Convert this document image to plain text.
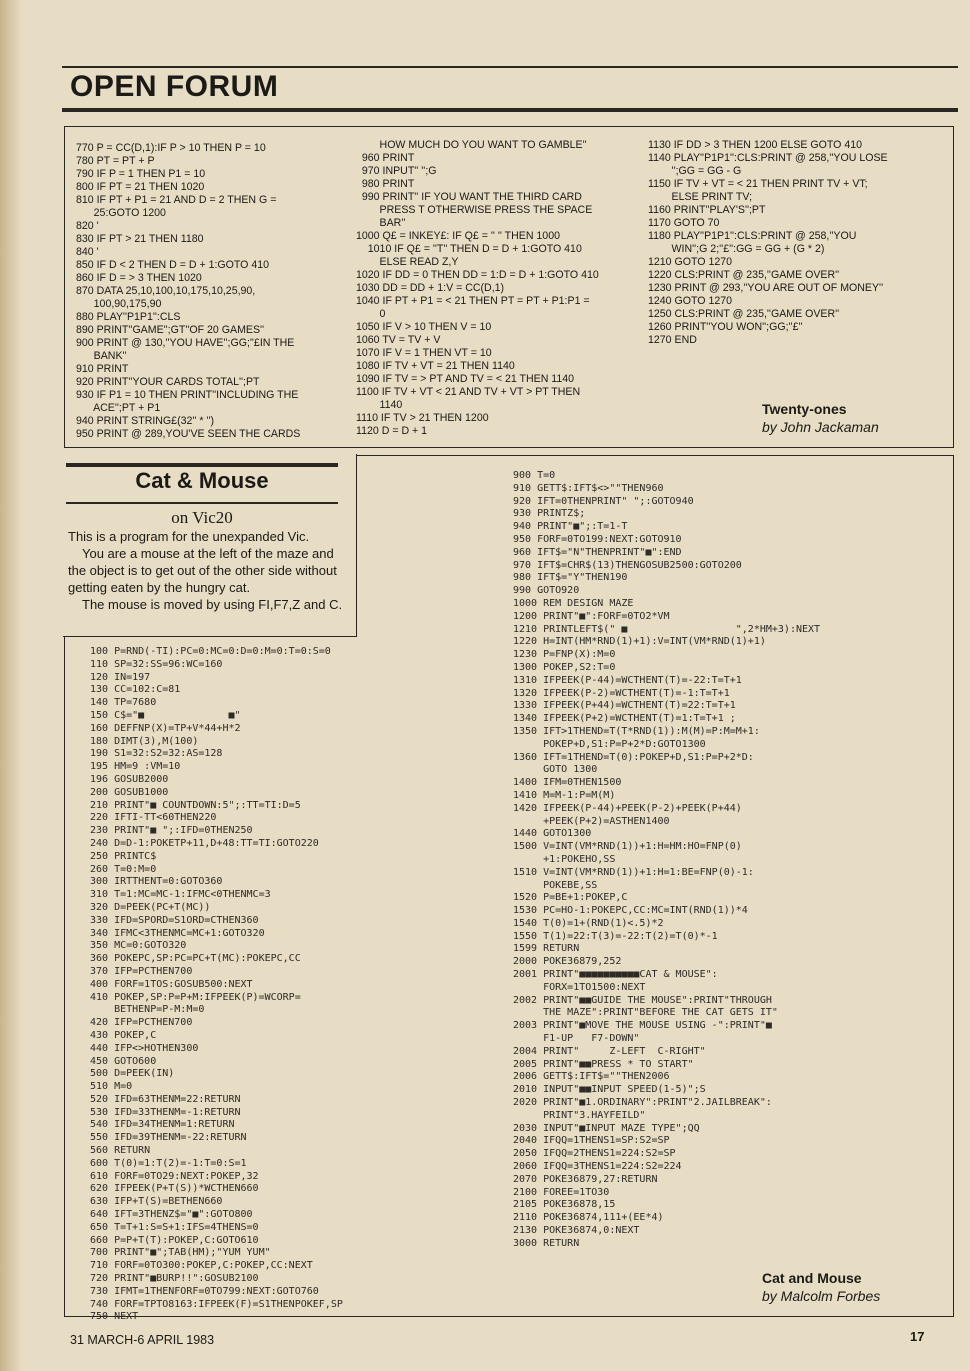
OPEN FORUM
770 P = CC(D,1):IF P > 10 THEN P = 10
780 PT = PT + P
790 IF P = 1 THEN P1 = 10
800 IF PT = 21 THEN 1020
810 IF PT + P1 = 21 AND D = 2 THEN G =
25:GOTO 1200
820 '
830 IF PT > 21 THEN 1180
840 '
850 IF D < 2 THEN D = D + 1:GOTO 410
860 IF D = > 3 THEN 1020
870 DATA 25,10,100,10,175,10,25,90,
100,90,175,90
880 PLAY''P1P1'':CLS
890 PRINT''GAME'';GT''OF 20 GAMES''
900 PRINT @ 130,''YOU HAVE'';GG;''£IN THE
BANK''
910 PRINT
920 PRINT''YOUR CARDS TOTAL'';PT
930 IF P1 = 10 THEN PRINT''INCLUDING THE
ACE'';PT + P1
940 PRINT STRING£(32'' * '')
950 PRINT @ 289,YOU'VE SEEN THE CARDS
HOW MUCH DO YOU WANT TO GAMBLE''
960 PRINT
970 INPUT'' '';G
980 PRINT
990 PRINT'' IF YOU WANT THE THIRD CARD
PRESS T OTHERWISE PRESS THE SPACE
BAR''
1000 Q£ = INKEY£: IF Q£ = '' '' THEN 1000
1010 IF Q£ = ''T'' THEN D = D + 1:GOTO 410
ELSE READ Z,Y
1020 IF DD = 0 THEN DD = 1:D = D + 1:GOTO 410
1030 DD = DD + 1:V = CC(D,1)
1040 IF PT + P1 = < 21 THEN PT = PT + P1:P1 =
0
1050 IF V > 10 THEN V = 10
1060 TV = TV + V
1070 IF V = 1 THEN VT = 10
1080 IF TV + VT = 21 THEN 1140
1090 IF TV = > PT AND TV = < 21 THEN 1140
1100 IF TV + VT < 21 AND TV + VT > PT THEN
1140
1110 IF TV > 21 THEN 1200
1120 D = D + 1
1130 IF DD > 3 THEN 1200 ELSE GOTO 410
1140 PLAY''P1P1'':CLS:PRINT @ 258,''YOU LOSE
'';GG = GG - G
1150 IF TV + VT = < 21 THEN PRINT TV + VT;
ELSE PRINT TV;
1160 PRINT''PLAY'S'';PT
1170 GOTO 70
1180 PLAY''P1P1'':CLS:PRINT @ 258,''YOU
WIN'';G 2;''£'':GG = GG + (G * 2)
1210 GOTO 1270
1220 CLS:PRINT @ 235,''GAME OVER''
1230 PRINT @ 293,''YOU ARE OUT OF MONEY''
1240 GOTO 1270
1250 CLS:PRINT @ 235,''GAME OVER''
1260 PRINT''YOU WON'';GG;''£''
1270 END
Twenty-ones
by John Jackaman
Cat & Mouse
on Vic20

This is a program for the unexpanded Vic.

You are a mouse at the left of the maze and the object is to get out of the other side without getting eaten by the hungry cat.

The mouse is moved by using FI,F7,Z and C.

100 P=RND(-TI):PC=0:MC=0:D=0:M=0:T=0:S=0
110 SP=32:SS=96:WC=160
120 IN=197
130 CC=102:C=81
140 TP=7680
150 C$="■              ■"
160 DEFFNP(X)=TP+V*44+H*2
180 DIMT(3),M(100)
190 S1=32:S2=32:AS=128
195 HM=9 :VM=10
196 GOSUB2000
200 GOSUB1000
210 PRINT"■ COUNTDOWN:5";:TT=TI:D=5
220 IFTI-TT<60THEN220
230 PRINT"■ ";:IFD=0THEN250
240 D=D-1:POKETP+11,D+48:TT=TI:GOTO220
250 PRINTC$
260 T=0:M=0
300 IRTTHENT=0:GOTO360
310 T=1:MC=MC-1:IFMC<0THENMC=3
320 D=PEEK(PC+T(MC))
330 IFD=SPORD=S1ORD=CTHEN360
340 IFMC<3THENMC=MC+1:GOTO320
350 MC=0:GOTO320
360 POKEPC,SP:PC=PC+T(MC):POKEPC,CC
370 IFP=PCTHEN700
400 FORF=1TOS:GOSUB500:NEXT
410 POKEP,SP:P=P+M:IFPEEK(P)=WCORP=
BETHENP=P-M:M=0
420 IFP=PCTHEN700
430 POKEP,C
440 IFP<>HOTHEN300
450 GOTO600
500 D=PEEK(IN)
510 M=0
520 IFD=63THENM=22:RETURN
530 IFD=33THENM=-1:RETURN
540 IFD=34THENM=1:RETURN
550 IFD=39THENM=-22:RETURN
560 RETURN
600 T(0)=1:T(2)=-1:T=0:S=1
610 FORF=0TO29:NEXT:POKEP,32
620 IFPEEK(P+T(S))*WCTHEN660
630 IFP+T(S)=BETHEN660
640 IFT=3THENZ$="■":GOTO800
650 T=T+1:S=S+1:IFS=4THENS=0
660 P=P+T(T):POKEP,C:GOTO610
700 PRINT"■";TAB(HM);"YUM YUM"
710 FORF=0TO300:POKEP,C:POKEP,CC:NEXT
720 PRINT"■BURP!!":GOSUB2100
730 IFMT=1THENFORF=0TO799:NEXT:GOTO760
740 FORF=TPTO8163:IFPEEK(F)=S1THENPOKEF,SP
750 NEXT
900 T=0
910 GETT$:IFT$<>""THEN960
920 IFT=0THENPRINT" ";:GOTO940
930 PRINTZ$;
940 PRINT"■";:T=1-T
950 FORF=0TO199:NEXT:GOTO910
960 IFT$="N"THENPRINT"■":END
970 IFT$=CHR$(13)THENGOSUB2500:GOTO200
980 IFT$="Y"THEN190
990 GOTO920
1000 REM DESIGN MAZE
1200 PRINT"■":FORF=0TO2*VM
1210 PRINTLEFT$(" ■                  ",2*HM+3):NEXT
1220 H=INT(HM*RND(1)+1):V=INT(VM*RND(1)+1)
1230 P=FNP(X):M=0
1300 POKEP,S2:T=0
1310 IFPEEK(P-44)=WCTHENT(T)=-22:T=T+1
1320 IFPEEK(P-2)=WCTHENT(T)=-1:T=T+1
1330 IFPEEK(P+44)=WCTHENT(T)=22:T=T+1
1340 IFPEEK(P+2)=WCTHENT(T)=1:T=T+1 ;
1350 IFT>1THEND=T(T*RND(1)):M(M)=P:M=M+1:
POKEP+D,S1:P=P+2*D:GOTO1300
1360 IFT=1THEND=T(0):POKEP+D,S1:P=P+2*D:
GOTO 1300
1400 IFM=0THEN1500
1410 M=M-1:P=M(M)
1420 IFPEEK(P-44)+PEEK(P-2)+PEEK(P+44)
+PEEK(P+2)=ASTHEN1400
1440 GOTO1300
1500 V=INT(VM*RND(1))+1:H=HM:HO=FNP(0)
+1:POKEHO,SS
1510 V=INT(VM*RND(1))+1:H=1:BE=FNP(0)-1:
POKEBE,SS
1520 P=BE+1:POKEP,C
1530 PC=HO-1:POKEPC,CC:MC=INT(RND(1))*4
1540 T(0)=1+(RND(1)<.5)*2
1550 T(1)=22:T(3)=-22:T(2)=T(0)*-1
1599 RETURN
2000 POKE36879,252
2001 PRINT"■■■■■■■■■■CAT & MOUSE":
FORX=1TO1500:NEXT
2002 PRINT"■■GUIDE THE MOUSE":PRINT"THROUGH
THE MAZE":PRINT"BEFORE THE CAT GETS IT"
2003 PRINT"■MOVE THE MOUSE USING -":PRINT"■
F1-UP   F7-DOWN"
2004 PRINT"     Z-LEFT  C-RIGHT"
2005 PRINT"■■PRESS * TO START"
2006 GETT$:IFT$=""THEN2006
2010 INPUT"■■INPUT SPEED(1-5)";S
2020 PRINT"■1.ORDINARY":PRINT"2.JAILBREAK":
PRINT"3.HAYFEILD"
2030 INPUT"■INPUT MAZE TYPE";QQ
2040 IFQQ=1THENS1=SP:S2=SP
2050 IFQQ=2THENS1=224:S2=SP
2060 IFQQ=3THENS1=224:S2=224
2070 POKE36879,27:RETURN
2100 FOREE=1TO30
2105 POKE36878,15
2110 POKE36874,111+(EE*4)
2130 POKE36874,0:NEXT
3000 RETURN
Cat and Mouse
by Malcolm Forbes
31 MARCH-6 APRIL 1983	17
